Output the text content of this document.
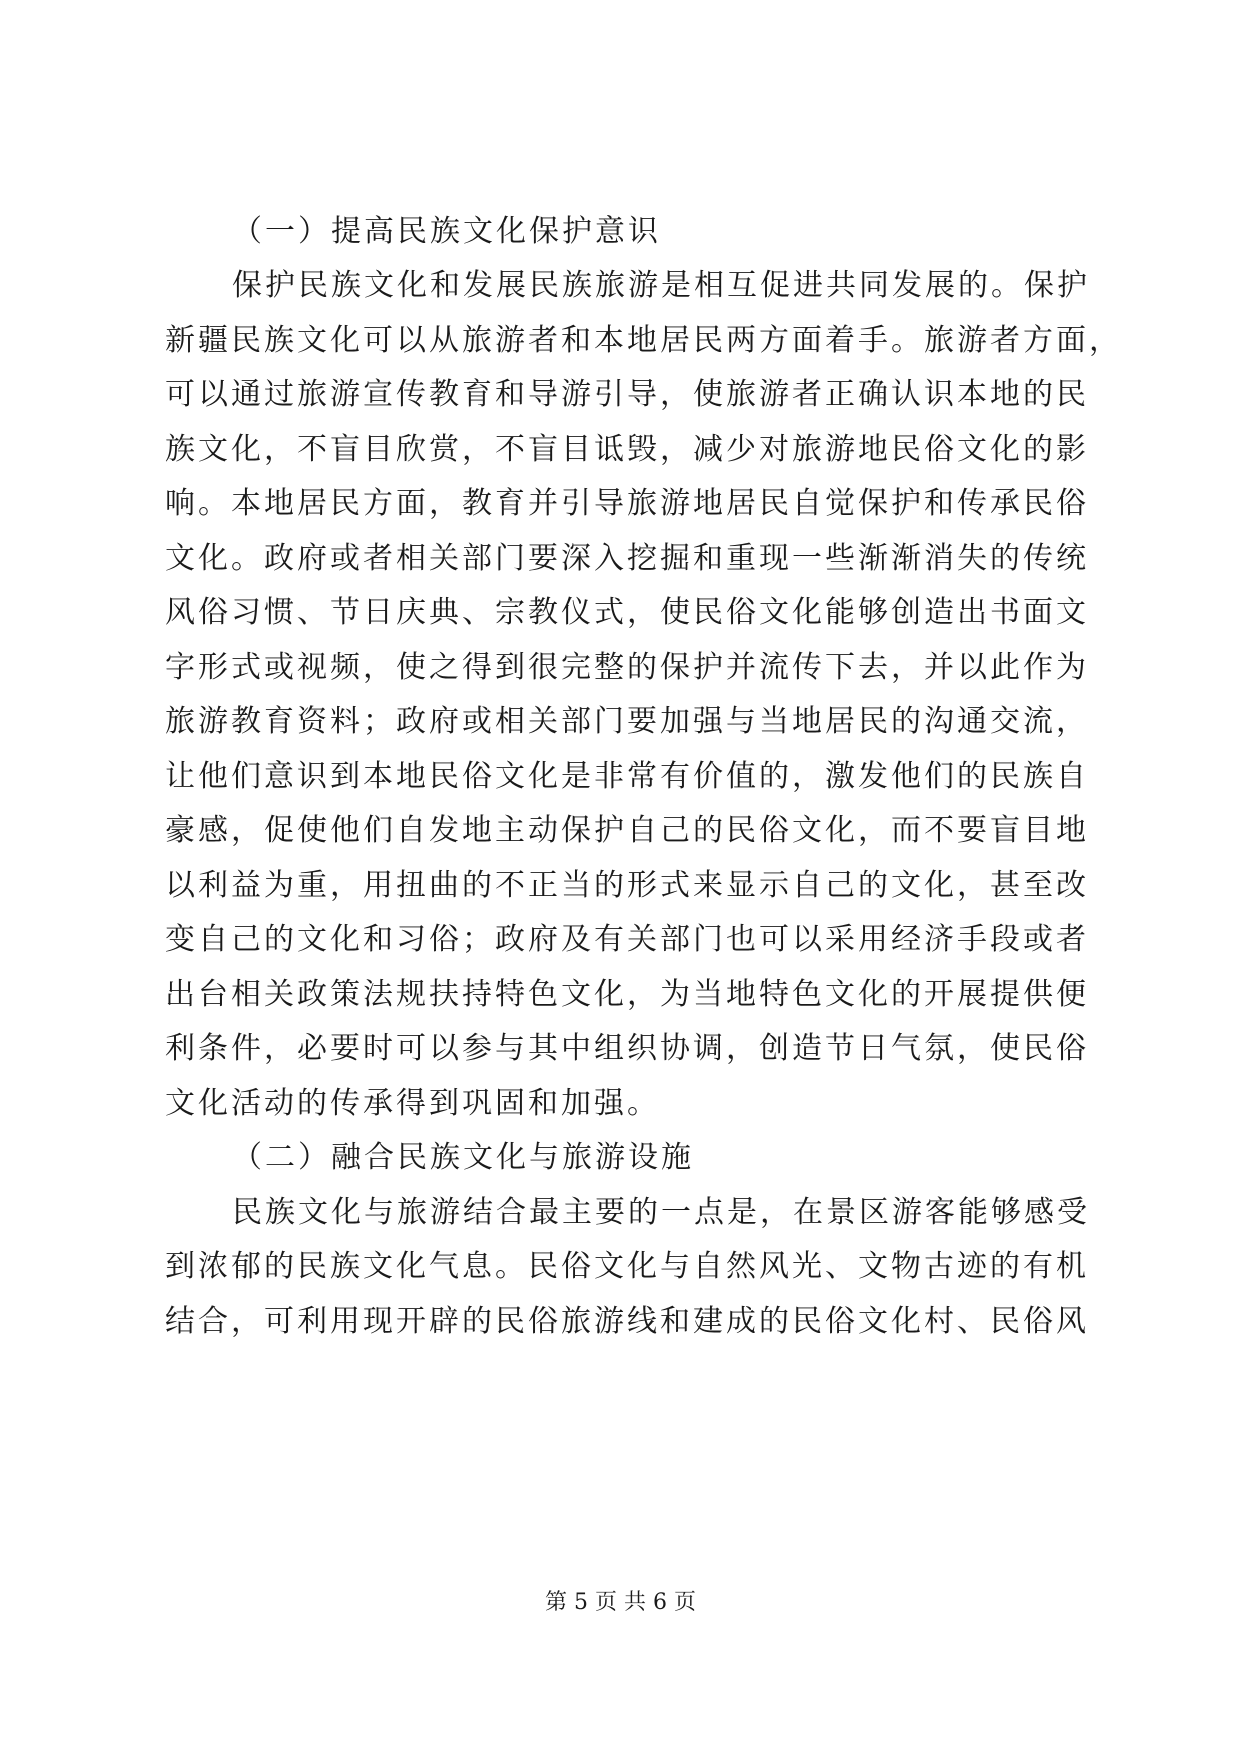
（一）提高民族文化保护意识
保护民族文化和发展民族旅游是相互促进共同发展的。保护
新疆民族文化可以从旅游者和本地居民两方面着手。旅游者方面，
可以通过旅游宣传教育和导游引导，使旅游者正确认识本地的民
族文化，不盲目欣赏，不盲目诋毁，减少对旅游地民俗文化的影
响。本地居民方面，教育并引导旅游地居民自觉保护和传承民俗
文化。政府或者相关部门要深入挖掘和重现一些渐渐消失的传统
风俗习惯、节日庆典、宗教仪式，使民俗文化能够创造出书面文
字形式或视频，使之得到很完整的保护并流传下去，并以此作为
旅游教育资料；政府或相关部门要加强与当地居民的沟通交流，
让他们意识到本地民俗文化是非常有价值的，激发他们的民族自
豪感，促使他们自发地主动保护自己的民俗文化，而不要盲目地
以利益为重，用扭曲的不正当的形式来显示自己的文化，甚至改
变自己的文化和习俗；政府及有关部门也可以采用经济手段或者
出台相关政策法规扶持特色文化，为当地特色文化的开展提供便
利条件，必要时可以参与其中组织协调，创造节日气氛，使民俗
文化活动的传承得到巩固和加强。
（二）融合民族文化与旅游设施
民族文化与旅游结合最主要的一点是，在景区游客能够感受
到浓郁的民族文化气息。民俗文化与自然风光、文物古迹的有机
结合，可利用现开辟的民俗旅游线和建成的民俗文化村、民俗风
第 5 页 共 6 页
